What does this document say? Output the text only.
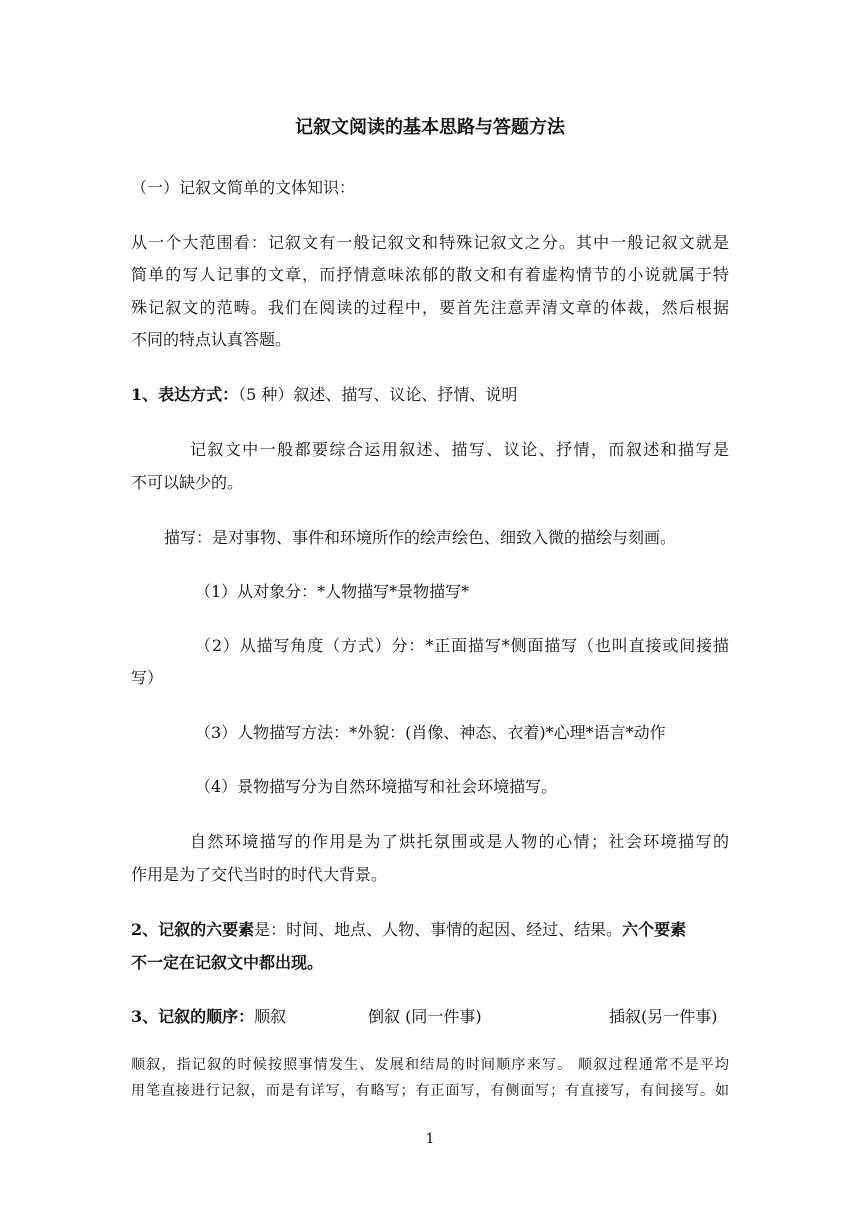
记叙文阅读的基本思路与答题方法
（一）记叙文简单的文体知识：
从一个大范围看：记叙文有一般记叙文和特殊记叙文之分。其中一般记叙文就是
简单的写人记事的文章，而抒情意味浓郁的散文和有着虚构情节的小说就属于特
殊记叙文的范畴。我们在阅读的过程中，要首先注意弄清文章的体裁，然后根据
不同的特点认真答题。
1、表达方式：（5 种）叙述、描写、议论、抒情、说明
记叙文中一般都要综合运用叙述、描写、议论、抒情，而叙述和描写是
不可以缺少的。
描写：是对事物、事件和环境所作的绘声绘色、细致入微的描绘与刻画。
（1）从对象分：*人物描写*景物描写*
（2）从描写角度（方式）分：*正面描写*侧面描写（也叫直接或间接描
写）
（3）人物描写方法：*外貌：(肖像、神态、衣着)*心理*语言*动作
（4）景物描写分为自然环境描写和社会环境描写。
自然环境描写的作用是为了烘托氛围或是人物的心情；社会环境描写的
作用是为了交代当时的时代大背景。
2、记叙的六要素是：时间、地点、人物、事情的起因、经过、结果。六个要素
不一定在记叙文中都出现。
3、记叙的顺序：顺叙	倒叙 (同一件事)	插叙(另一件事)
顺叙，指记叙的时候按照事情发生、发展和结局的时间顺序来写。 顺叙过程通常不是平均
用笔直接进行记叙，而是有详写，有略写；有正面写，有侧面写；有直接写，有间接写。如
1
